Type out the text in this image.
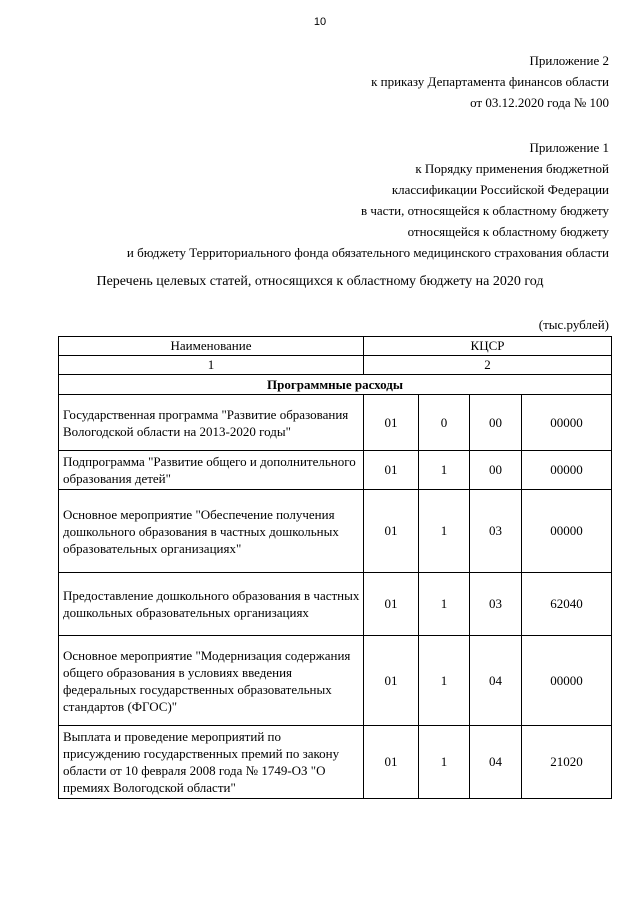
10
Приложение 2
к приказу Департамента финансов области
от 03.12.2020 года № 100
Приложение 1
к Порядку применения бюджетной
классификации Российской Федерации
в части, относящейся к областному бюджету
относящейся к областному бюджету
и бюджету Территориального фонда обязательного медицинского страхования области
Перечень целевых статей, относящихся к областному бюджету на 2020 год
(тыс.рублей)
Наименование	КЦСР			
1	2			
Программные расходы				
Государственная программа "Развитие образования Вологодской области на 2013-2020 годы"	01	0	00	00000
Подпрограмма "Развитие общего и дополнительного образования детей"	01	1	00	00000
Основное мероприятие "Обеспечение получения дошкольного образования в частных дошкольных образовательных организациях"	01	1	03	00000
Предоставление дошкольного образования в частных дошкольных образовательных организациях	01	1	03	62040
Основное мероприятие "Модернизация содержания общего образования в условиях введения федеральных государственных образовательных стандартов (ФГОС)"	01	1	04	00000
Выплата и проведение мероприятий по присуждению государственных премий по закону области от 10 февраля 2008 года № 1749-ОЗ "О премиях Вологодской области"	01	1	04	21020
